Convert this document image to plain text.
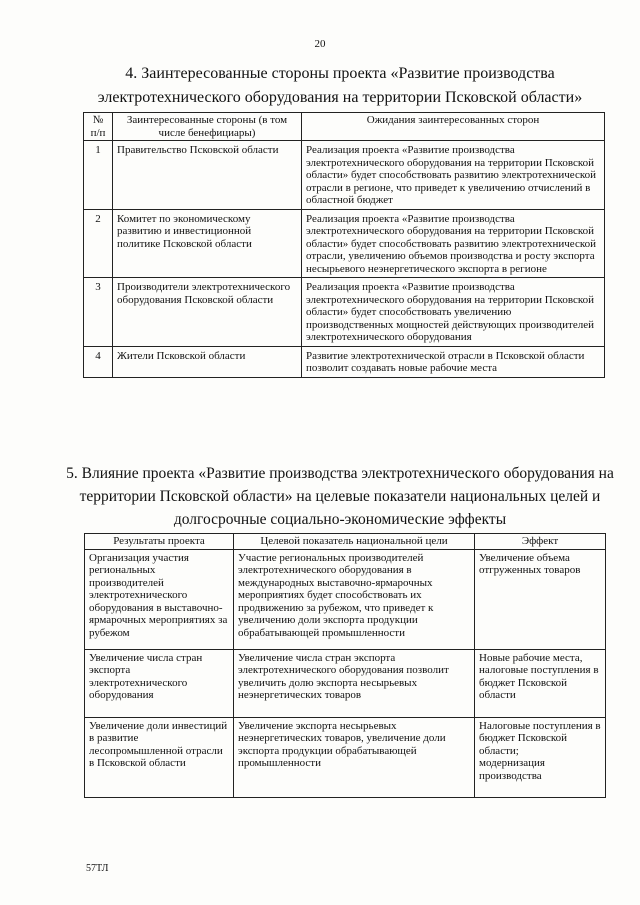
20
4. Заинтересованные стороны проекта «Развитие производства электротехнического оборудования на территории Псковской области»
№ п/п	Заинтересованные стороны (в том числе бенефициары)	Ожидания заинтересованных сторон
1	Правительство Псковской области	Реализация проекта «Развитие производства электротехнического оборудования на территории Псковской области» будет способствовать развитию электротехнической отрасли в регионе, что приведет к увеличению отчислений в областной бюджет
2	Комитет по экономическому развитию и инвестиционной политике Псковской области	Реализация проекта «Развитие производства электротехнического оборудования на территории Псковской области» будет способствовать развитию электротехнической отрасли, увеличению объемов производства и росту экспорта несырьевого неэнергетического экспорта в регионе
3	Производители электротехнического оборудования Псковской области	Реализация проекта «Развитие производства электротехнического оборудования на территории Псковской области» будет способствовать увеличению производственных мощностей действующих производителей электротехнического оборудования
4	Жители Псковской области	Развитие электротехнической отрасли в Псковской области позволит создавать новые рабочие места
5. Влияние проекта «Развитие производства электротехнического оборудования на территории Псковской области» на целевые показатели национальных целей и долгосрочные социально-экономические эффекты
Результаты проекта	Целевой показатель национальной цели	Эффект
Организация участия региональных производителей электротехнического оборудования в выставочно-ярмарочных мероприятиях за рубежом	Участие региональных производителей электротехнического оборудования в международных выставочно-ярмарочных мероприятиях будет способствовать их продвижению за рубежом, что приведет к увеличению доли экспорта продукции обрабатывающей промышленности	Увеличение объема отгруженных товаров

Увеличение числа стран экспорта электротехнического оборудования	Увеличение числа стран экспорта электротехнического оборудования позволит увеличить долю экспорта несырьевых неэнергетических товаров	Новые рабочие места, налоговые поступления в бюджет Псковской области

Увеличение доли инвестиций в развитие лесопромышленной отрасли в Псковской области	Увеличение экспорта несырьевых неэнергетических товаров, увеличение доли экспорта продукции обрабатывающей промышленности	Налоговые поступления в бюджет Псковской области;
модернизация производства
57ТЛ
